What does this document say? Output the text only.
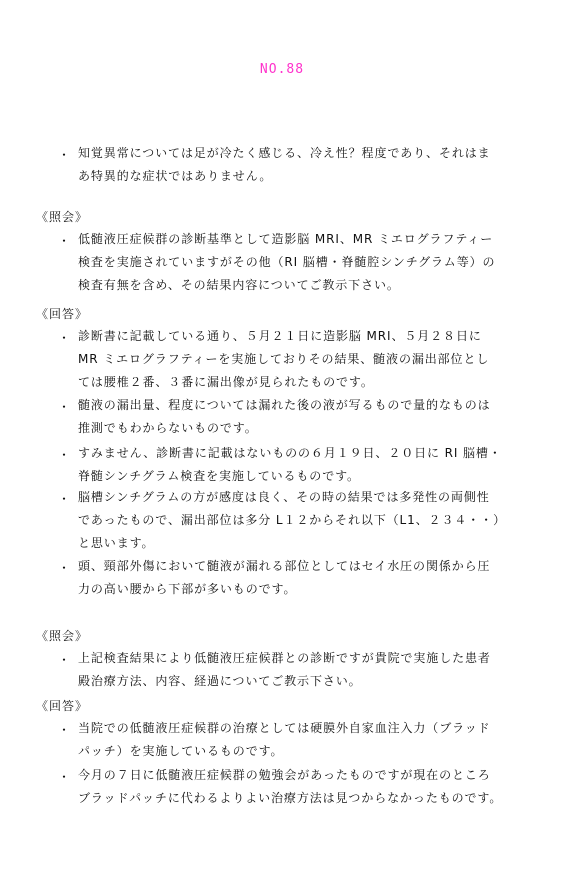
NO.88
・ 知覚異常については足が冷たく感じる、冷え性？程度であり、それはま
あ特異的な症状ではありません。
《照会》
・ 低髄液圧症候群の診断基準として造影脳 MRI、MR ミエログラフティー
検査を実施されていますがその他（RI 脳槽・脊髄腔シンチグラム等）の
検査有無を含め、その結果内容についてご教示下さい。
《回答》
・ 診断書に記載している通り、５月２１日に造影脳 MRI、５月２８日に
MR ミエログラフティーを実施しておりその結果、髄液の漏出部位とし
ては腰椎２番、３番に漏出像が見られたものです。
・ 髄液の漏出量、程度については漏れた後の液が写るもので量的なものは
推測でもわからないものです。
・ すみません、診断書に記載はないものの６月１９日、２０日に RI 脳槽・
脊髄シンチグラム検査を実施しているものです。
・ 脳槽シンチグラムの方が感度は良く、その時の結果では多発性の両側性
であったもので、漏出部位は多分 L１２からそれ以下（L1、２３４・・）
と思います。
・ 頭、頸部外傷において髄液が漏れる部位としてはセイ水圧の関係から圧
力の高い腰から下部が多いものです。
《照会》
・ 上記検査結果により低髄液圧症候群との診断ですが貴院で実施した患者
殿治療方法、内容、経過についてご教示下さい。
《回答》
・ 当院での低髄液圧症候群の治療としては硬膜外自家血注入力（ブラッド
パッチ）を実施しているものです。
・ 今月の７日に低髄液圧症候群の勉強会があったものですが現在のところ
ブラッドパッチに代わるよりよい治療方法は見つからなかったものです。
